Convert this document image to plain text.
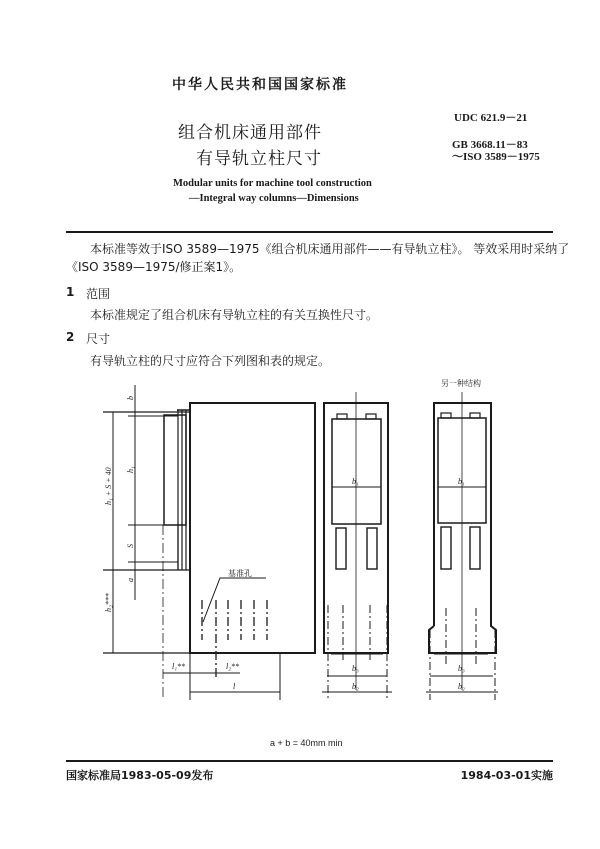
中华人民共和国国家标准
组合机床通用部件
有导轨立柱尺寸
UDC 621.9－21
GB 3668.11－83
～ISO 3589－1975
Modular units for machine tool construction
—Integral way columns—Dimensions
本标准等效于ISO 3589—1975《组合机床通用部件——有导轨立柱》。 等效采用时采纳了
《ISO 3589—1975/修正案1》。
1 范围
本标准规定了组合机床有导轨立柱的有关互换性尺寸。
2 尺寸
有导轨立柱的尺寸应符合下列图和表的规定。
b
h₁ + S + 40 h₁
S
a
h₂***
基准孔
l₁**	l₂**
l
b₁
b₃
b₂
另一种结构
b₁
b₃
b₂
a + b = 40mm min
国家标准局1983-05-09发布	1984-03-01实施
